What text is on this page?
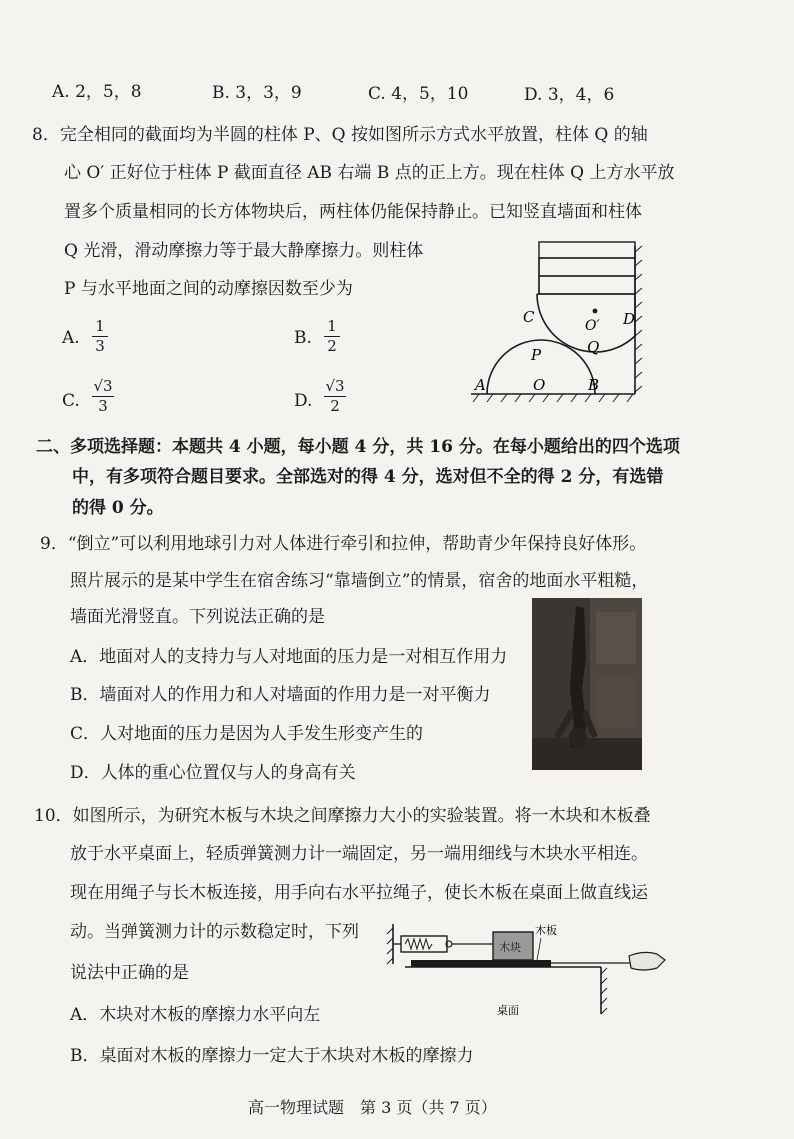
A. 2，5，8	B. 3，3，9	C. 4，5，10	D. 3，4，6
8．完全相同的截面均为半圆的柱体 P、Q 按如图所示方式水平放置，柱体 Q 的轴
心 O′ 正好位于柱体 P 截面直径 AB 右端 B 点的正上方。现在柱体 Q 上方水平放
置多个质量相同的长方体物块后，两柱体仍能保持静止。已知竖直墙面和柱体
Q 光滑，滑动摩擦力等于最大静摩擦力。则柱体
P 与水平地面之间的动摩擦因数至少为
A.
1
3	B.
1
2
C.
√3
3	D.
√3
2
C	D
O′
Q
P
A	O	B
二、多项选择题：本题共 4 小题，每小题 4 分，共 16 分。在每小题给出的四个选项
中，有多项符合题目要求。全部选对的得 4 分，选对但不全的得 2 分，有选错
的得 0 分。
9．“倒立”可以利用地球引力对人体进行牵引和拉伸，帮助青少年保持良好体形。
照片展示的是某中学生在宿舍练习“靠墙倒立”的情景，宿舍的地面水平粗糙，
墙面光滑竖直。下列说法正确的是
A．地面对人的支持力与人对地面的压力是一对相互作用力
B．墙面对人的作用力和人对墙面的作用力是一对平衡力
C．人对地面的压力是因为人手发生形变产生的
D．人体的重心位置仅与人的身高有关
10．如图所示，为研究木板与木块之间摩擦力大小的实验装置。将一木块和木板叠
放于水平桌面上，轻质弹簧测力计一端固定，另一端用细线与木块水平相连。
现在用绳子与长木板连接，用手向右水平拉绳子，使长木板在桌面上做直线运
动。当弹簧测力计的示数稳定时，下列
说法中正确的是
A．木块对木板的摩擦力水平向左
B．桌面对木板的摩擦力一定大于木块对木板的摩擦力
木块
木板
桌面
高一物理试题　第 3 页（共 7 页）
